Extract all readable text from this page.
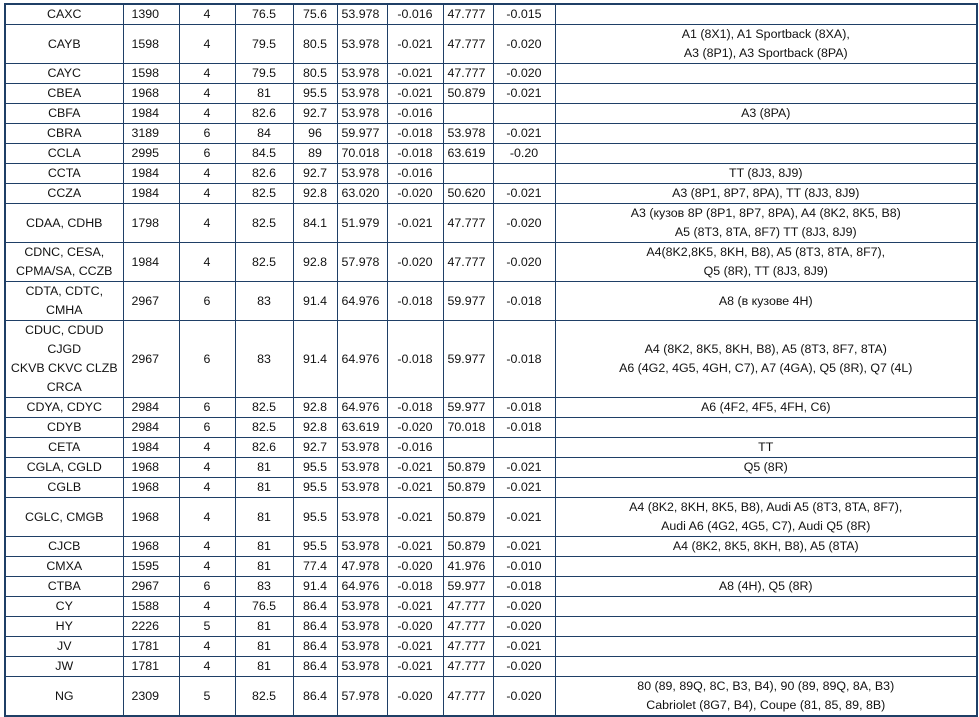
CAXC	1390	4	76.5	75.6	53.978	-0.016	47.777	-0.015	
CAYB	1598	4	79.5	80.5	53.978	-0.021	47.777	-0.020	A1 (8X1), A1 Sportback (8XA),
A3 (8P1), A3 Sportback (8PA)
CAYC	1598	4	79.5	80.5	53.978	-0.021	47.777	-0.020	
CBEA	1968	4	81	95.5	53.978	-0.021	50.879	-0.021	
CBFA	1984	4	82.6	92.7	53.978	-0.016			A3 (8PA)
CBRA	3189	6	84	96	59.977	-0.018	53.978	-0.021	
CCLA	2995	6	84.5	89	70.018	-0.018	63.619	-0.20	
CCTA	1984	4	82.6	92.7	53.978	-0.016			TT (8J3, 8J9)
CCZA	1984	4	82.5	92.8	63.020	-0.020	50.620	-0.021	A3 (8P1, 8P7, 8PA), TT (8J3, 8J9)
CDAA, CDHB	1798	4	82.5	84.1	51.979	-0.021	47.777	-0.020	A3 (кузов 8P (8P1, 8P7, 8PA), A4 (8K2, 8K5, B8)
A5 (8T3, 8TA, 8F7) TT (8J3, 8J9)
CDNC, CESA,
CPMA/SA, CCZB	1984	4	82.5	92.8	57.978	-0.020	47.777	-0.020	A4(8K2,8K5, 8KH, B8), A5 (8T3, 8TA, 8F7),
Q5 (8R), TT (8J3, 8J9)
CDTA, CDTC,
CMHA	2967	6	83	91.4	64.976	-0.018	59.977	-0.018	A8 (в кузове 4H)
CDUC, CDUD CJGD
CKVB CKVC CLZB
CRCA	2967	6	83	91.4	64.976	-0.018	59.977	-0.018	A4 (8K2, 8K5, 8KH, B8), A5 (8T3, 8F7, 8TA)
A6 (4G2, 4G5, 4GH, C7), A7 (4GA), Q5 (8R), Q7 (4L)
CDYA, CDYC	2984	6	82.5	92.8	64.976	-0.018	59.977	-0.018	A6 (4F2, 4F5, 4FH, C6)
CDYB	2984	6	82.5	92.8	63.619	-0.020	70.018	-0.018	
CETA	1984	4	82.6	92.7	53.978	-0.016			TT
CGLA, CGLD	1968	4	81	95.5	53.978	-0.021	50.879	-0.021	Q5 (8R)
CGLB	1968	4	81	95.5	53.978	-0.021	50.879	-0.021	
CGLC, CMGB	1968	4	81	95.5	53.978	-0.021	50.879	-0.021	A4 (8K2, 8KH, 8K5, B8), Audi A5 (8T3, 8TA, 8F7),
Audi A6 (4G2, 4G5, C7), Audi Q5 (8R)
CJCB	1968	4	81	95.5	53.978	-0.021	50.879	-0.021	A4 (8K2, 8K5, 8KH, B8), A5 (8TA)
CMXA	1595	4	81	77.4	47.978	-0.020	41.976	-0.010	
CTBA	2967	6	83	91.4	64.976	-0.018	59.977	-0.018	A8 (4H), Q5 (8R)
CY	1588	4	76.5	86.4	53.978	-0.021	47.777	-0.020	
HY	2226	5	81	86.4	53.978	-0.020	47.777	-0.020	
JV	1781	4	81	86.4	53.978	-0.021	47.777	-0.021	
JW	1781	4	81	86.4	53.978	-0.021	47.777	-0.020	
NG	2309	5	82.5	86.4	57.978	-0.020	47.777	-0.020	80 (89, 89Q, 8C, B3, B4), 90 (89, 89Q, 8A, B3)
Cabriolet (8G7, B4), Coupe (81, 85, 89, 8B)
